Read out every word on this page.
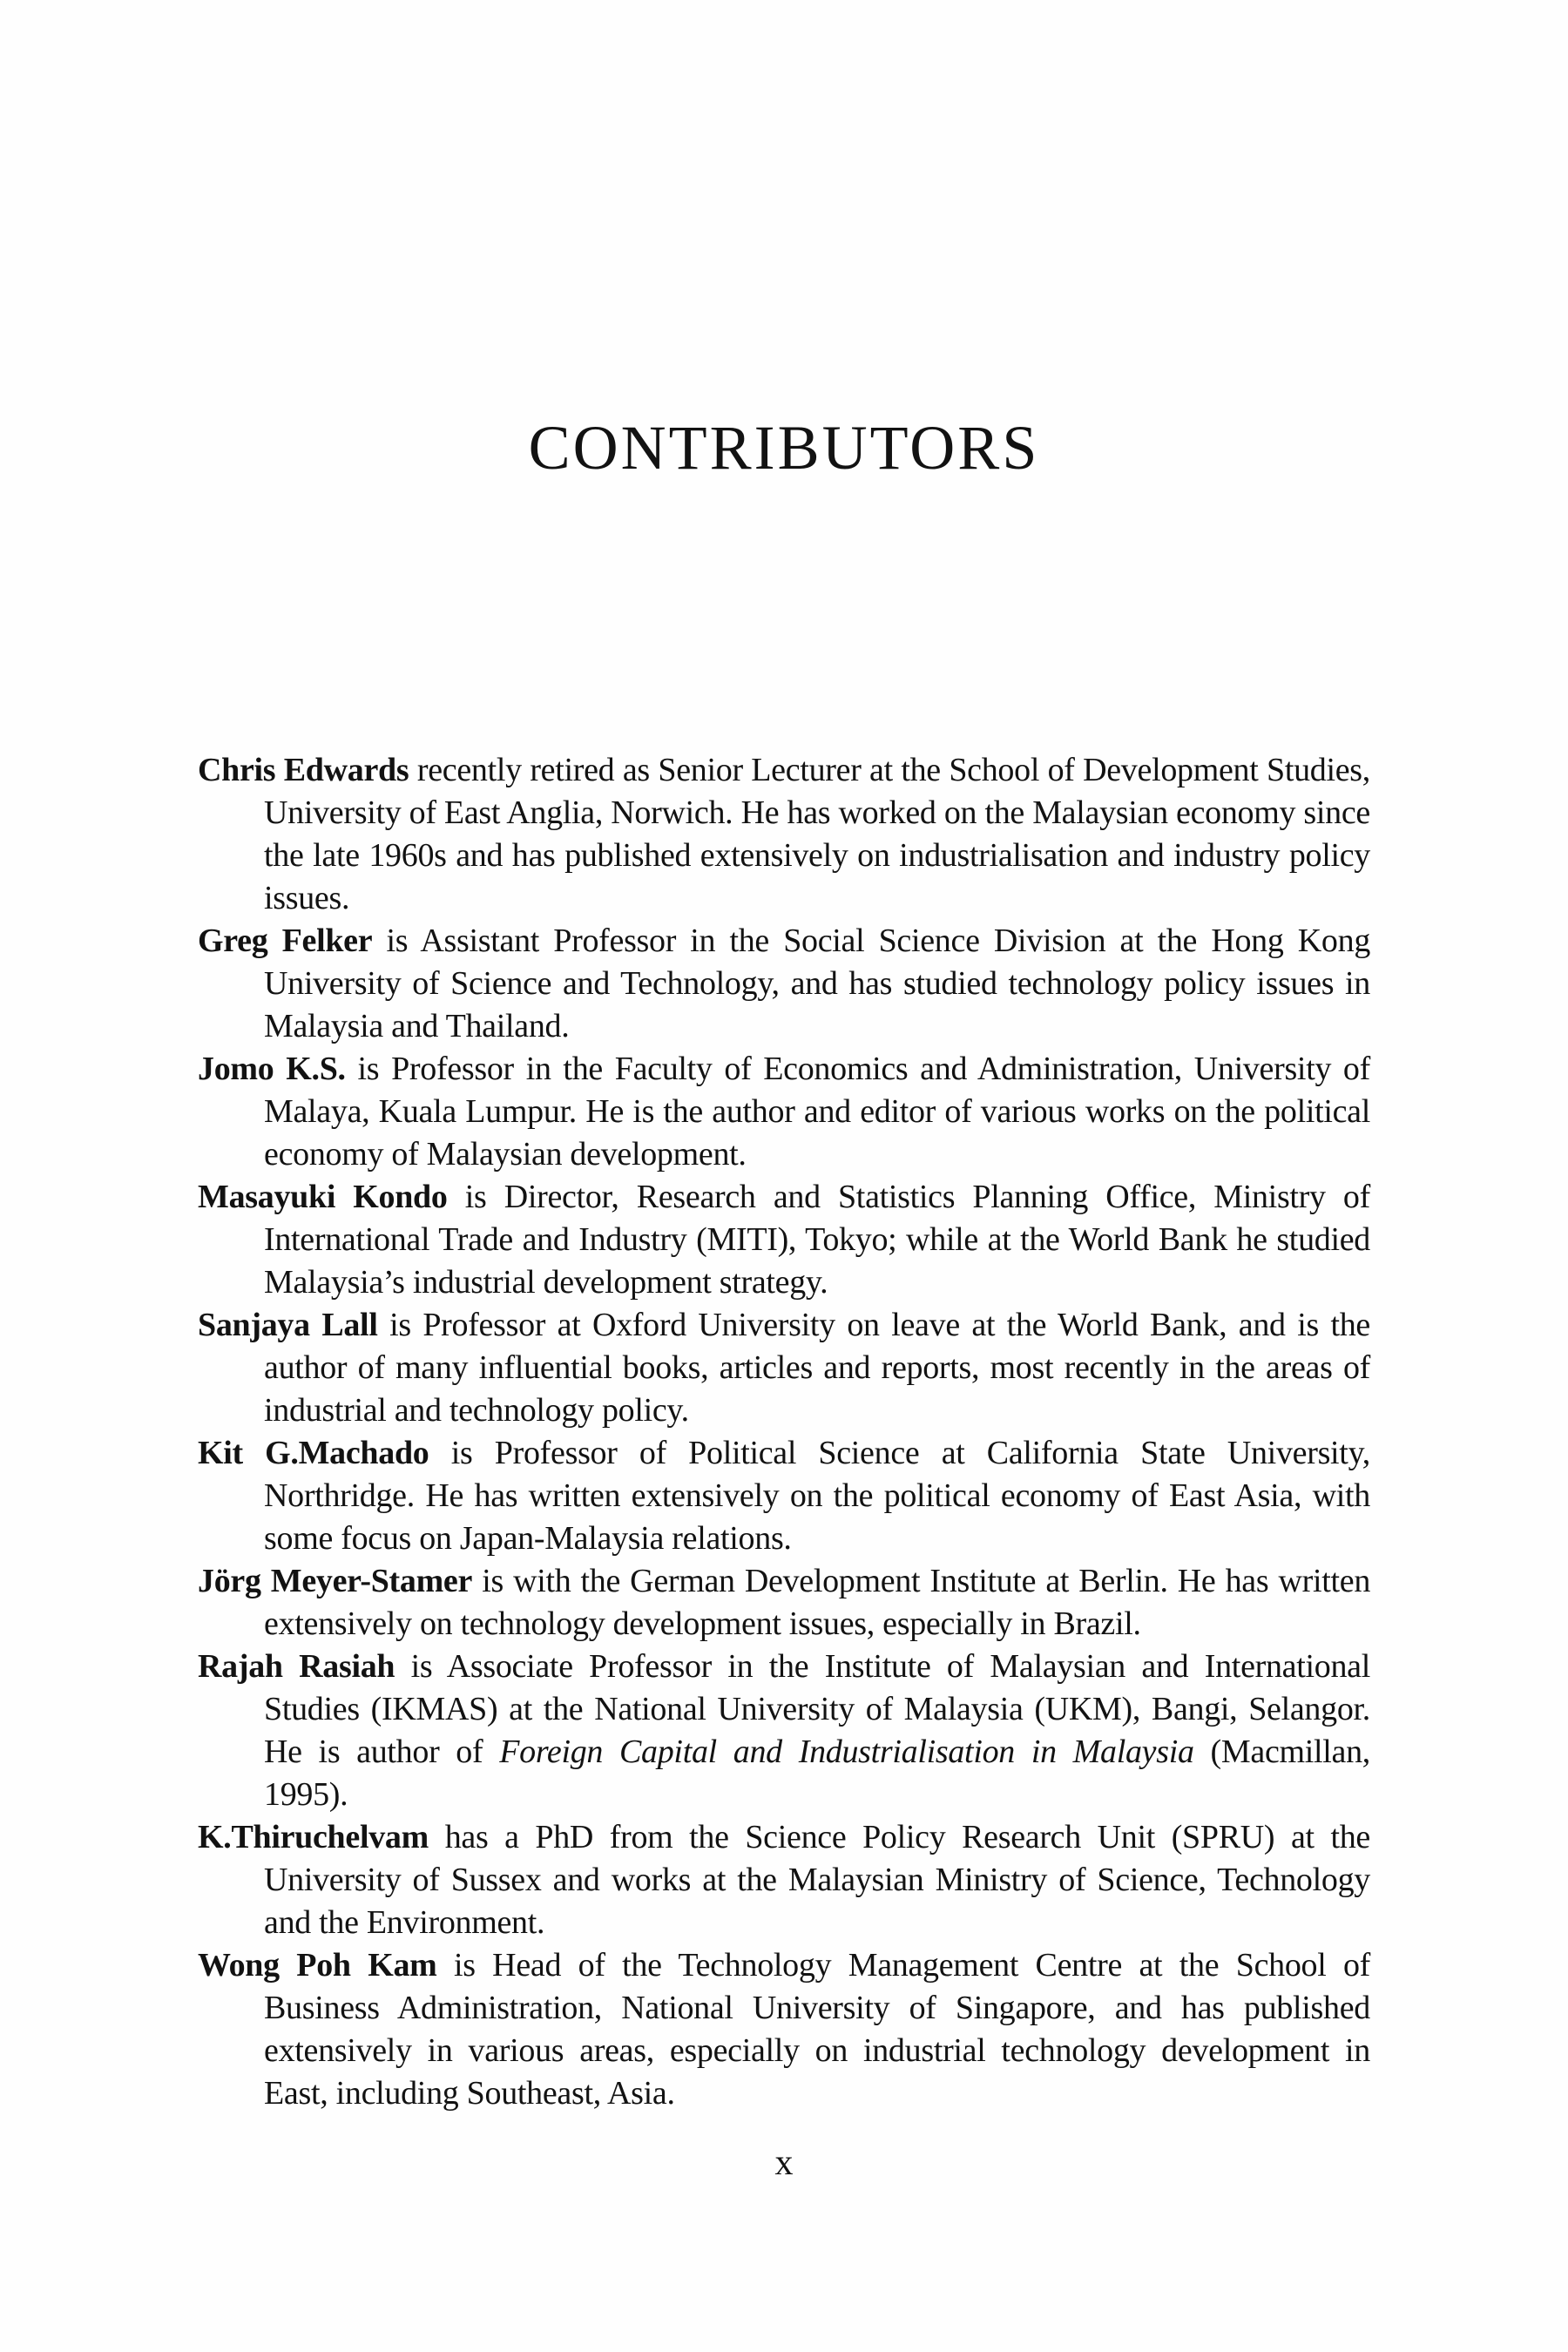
CONTRIBUTORS

Chris Edwards recently retired as Senior Lecturer at the School of Development Studies, University of East Anglia, Norwich. He has worked on the Malaysian economy since the late 1960s and has published extensively on industrialisation and industry policy issues.

Greg Felker is Assistant Professor in the Social Science Division at the Hong Kong University of Science and Technology, and has studied technology policy issues in Malaysia and Thailand.

Jomo K.S. is Professor in the Faculty of Economics and Administration, University of Malaya, Kuala Lumpur. He is the author and editor of various works on the political economy of Malaysian development.

Masayuki Kondo is Director, Research and Statistics Planning Office, Ministry of International Trade and Industry (MITI), Tokyo; while at the World Bank he studied Malaysia’s industrial development strategy.

Sanjaya Lall is Professor at Oxford University on leave at the World Bank, and is the author of many influential books, articles and reports, most recently in the areas of industrial and technology policy.

Kit G.Machado is Professor of Political Science at California State University, Northridge. He has written extensively on the political economy of East Asia, with some focus on Japan-Malaysia relations.

Jörg Meyer-Stamer is with the German Development Institute at Berlin. He has written extensively on technology development issues, especially in Brazil.

Rajah Rasiah is Associate Professor in the Institute of Malaysian and International Studies (IKMAS) at the National University of Malaysia (UKM), Bangi, Selangor. He is author of Foreign Capital and Industrialisation in Malaysia (Macmillan, 1995).

K.Thiruchelvam has a PhD from the Science Policy Research Unit (SPRU) at the University of Sussex and works at the Malaysian Ministry of Science, Technology and the Environment.

Wong Poh Kam is Head of the Technology Management Centre at the School of Business Administration, National University of Singapore, and has published extensively in various areas, especially on industrial technology development in East, including Southeast, Asia.

x
